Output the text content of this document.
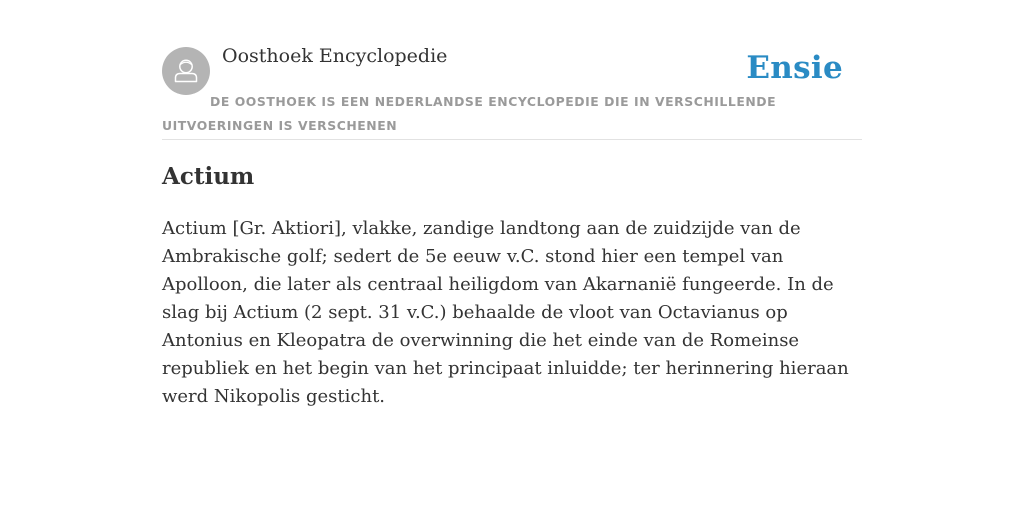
Oosthoek Encyclopedie	Ensie

DE OOSTHOEK IS EEN NEDERLANDSE ENCYCLOPEDIE DIE IN VERSCHILLENDE UITVOERINGEN IS VERSCHENEN

Actium

Actium [Gr. Aktiori], vlakke, zandige landtong aan de zuidzijde van de Ambrakische golf; sedert de 5e eeuw v.C. stond hier een tempel van Apolloon, die later als centraal heiligdom van Akarnanië fungeerde. In de slag bij Actium (2 sept. 31 v.C.) behaalde de vloot van Octavianus op Antonius en Kleopatra de overwinning die het einde van de Romeinse republiek en het begin van het principaat inluidde; ter herinnering hieraan werd Nikopolis gesticht.
